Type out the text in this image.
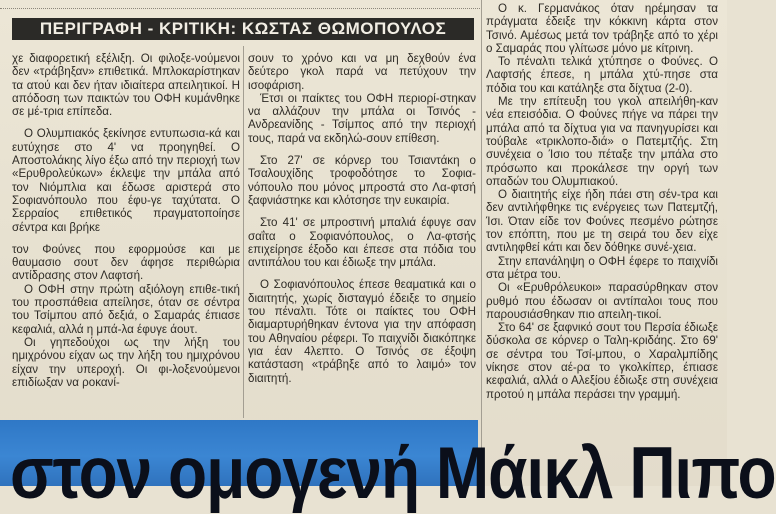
ΠΕΡΙΓΡΑΦΗ - ΚΡΙΤΙΚΗ: ΚΩΣΤΑΣ ΘΩΜΟΠΟΥΛΟΣ

χε διαφορετική εξέλιξη. Οι φιλοξε-νούμενοι δεν «τράβηξαν» επιθετικά. Μπλοκαρίστηκαν τα ατού και δεν ήταν ιδιαίτερα απειλητικοί. Η απόδοση των παικτών του ΟΦΗ κυμάνθηκε σε μέ-τρια επίπεδα.

Ο Ολυμπιακός ξεκίνησε εντυπωσια-κά και ευτύχησε στο 4' να προηγηθεί. Ο Αποστολάκης λίγο έξω από την περιοχή των «Ερυθρολεύκων» έκλεψε την μπάλα από τον Νιόμπλια και έδωσε αριστερά στο Σοφιανόπουλο που έφυ-γε ταχύτατα. Ο Σερραίος επιθετικός πραγματοποίησε σέντρα και βρήκε

τον Φούνες που εφορμούσε και με θαυμασιο σουτ δεν άφησε περιθώρια αντίδρασης στον Λαφτσή.

Ο ΟΦΗ στην πρώτη αξιόλογη επιθε-τική του προσπάθεια απείλησε, όταν σε σέντρα του Τσίμπου από δεξιά, ο Σαμαράς έπιασε κεφαλιά, αλλά η μπά-λα έφυγε άουτ.

Οι γηπεδούχοι ως την λήξη του ημιχρόνου είχαν ως την λήξη του ημιχρόνου είχαν την υπεροχή. Οι φι-λοξενούμενοι επιδίωξαν να ροκανί-

σουν το χρόνο και να μη δεχθούν ένα δεύτερο γκολ παρά να πετύχουν την ισοφάριση.

Έτσι οι παίκτες του ΟΦΗ περιορί-στηκαν να αλλάζουν την μπάλα οι Τσινός - Ανδρεανίδης - Τσίμπος από την περιοχή τους, παρά να εκδηλώ-σουν επίθεση.

Στο 27' σε κόρνερ του Τσιαντάκη ο Τσαλουχίδης τροφοδότησε το Σοφια-νόπουλο που μόνος μπροστά στο Λα-φτσή ξαφνιάστηκε και κλότσησε την ευκαιρία.

Στο 41' σε μπροστινή μπαλιά έφυγε σαν σαΐτα ο Σοφιανόπουλος, ο Λα-φτσής επιχείρησε έξοδο και έπεσε στα πόδια του αντιπάλου του και έδιωξε την μπάλα.

Ο Σοφιανόπουλος έπεσε θεαματικά και ο διαιτητής, χωρίς δισταγμό έδειξε το σημείο του πέναλτι. Τότε οι παίκτες του ΟΦΗ διαμαρτυρήθηκαν έντονα για την απόφαση του Αθηναίου ρέφερι. Το παιχνίδι διακόπηκε για έαν 4λεπτο. Ο Τσινός σε έξοψη κατάσταση «τράβηξε από το λαιμό» τον διαιτητή.

Ο κ. Γερμανάκος όταν ηρέμησαν τα πράγματα έδειξε την κόκκινη κάρτα στον Τσινό. Αμέσως μετά τον τράβηξε από το χέρι ο Σαμαράς που γλίτωσε μόνο με κίτρινη.

Το πέναλτι τελικά χτύπησε ο Φούνες. Ο Λαφτσής έπεσε, η μπάλα χτύ-πησε στα πόδια του και κατάληξε στα δίχτυα (2-0).

Με την επίτευξη του γκολ απειλήθη-καν νέα επεισόδια. Ο Φούνες πήγε να πάρει την μπάλα από τα δίχτυα για να πανηγυρίσει και τούβαλε «τρικλοπο-διά» ο Πατεμτζής. Στη συνέχεια ο Ίσιο του πέταξε την μπάλα στο πρόσωπο και προκάλεσε την οργή των οπαδών του Ολυμπιακού.

Ο διαιτητής είχε ήδη πάει στη σέν-τρα και δεν αντιλήφθηκε τις ενέργειες των Πατεμτζή, Ίσι. Όταν είδε τον Φούνες πεσμένο ρώτησε τον επόπτη, που με τη σειρά του δεν είχε αντιληφθεί κάτι και δεν δόθηκε συνέ-χεια.

Στην επανάληψη ο ΟΦΗ έφερε το παιχνίδι στα μέτρα του.

Οι «Ερυθρόλευκοι» παρασύρθηκαν στον ρυθμό που έδωσαν οι αντίπαλοι τους που παρουσιάσθηκαν πιο απειλη-τικοί.

Στο 64' σε ξαφνικό σουτ του Περσία έδιωξε δύσκολα σε κόρνερ ο Ταλη-κριδάης. Στο 69' σε σέντρα του Τσί-μπου, ο Χαραλμπίδης νίκησε στον αέ-ρα το γκολκίπερ, έπιασε κεφαλιά, αλλά ο Αλεξίου έδιωξε στη συνέχεια προτού η μπάλα περάσει την γραμμή.

στον ομογενή Μάικλ Πιπο
